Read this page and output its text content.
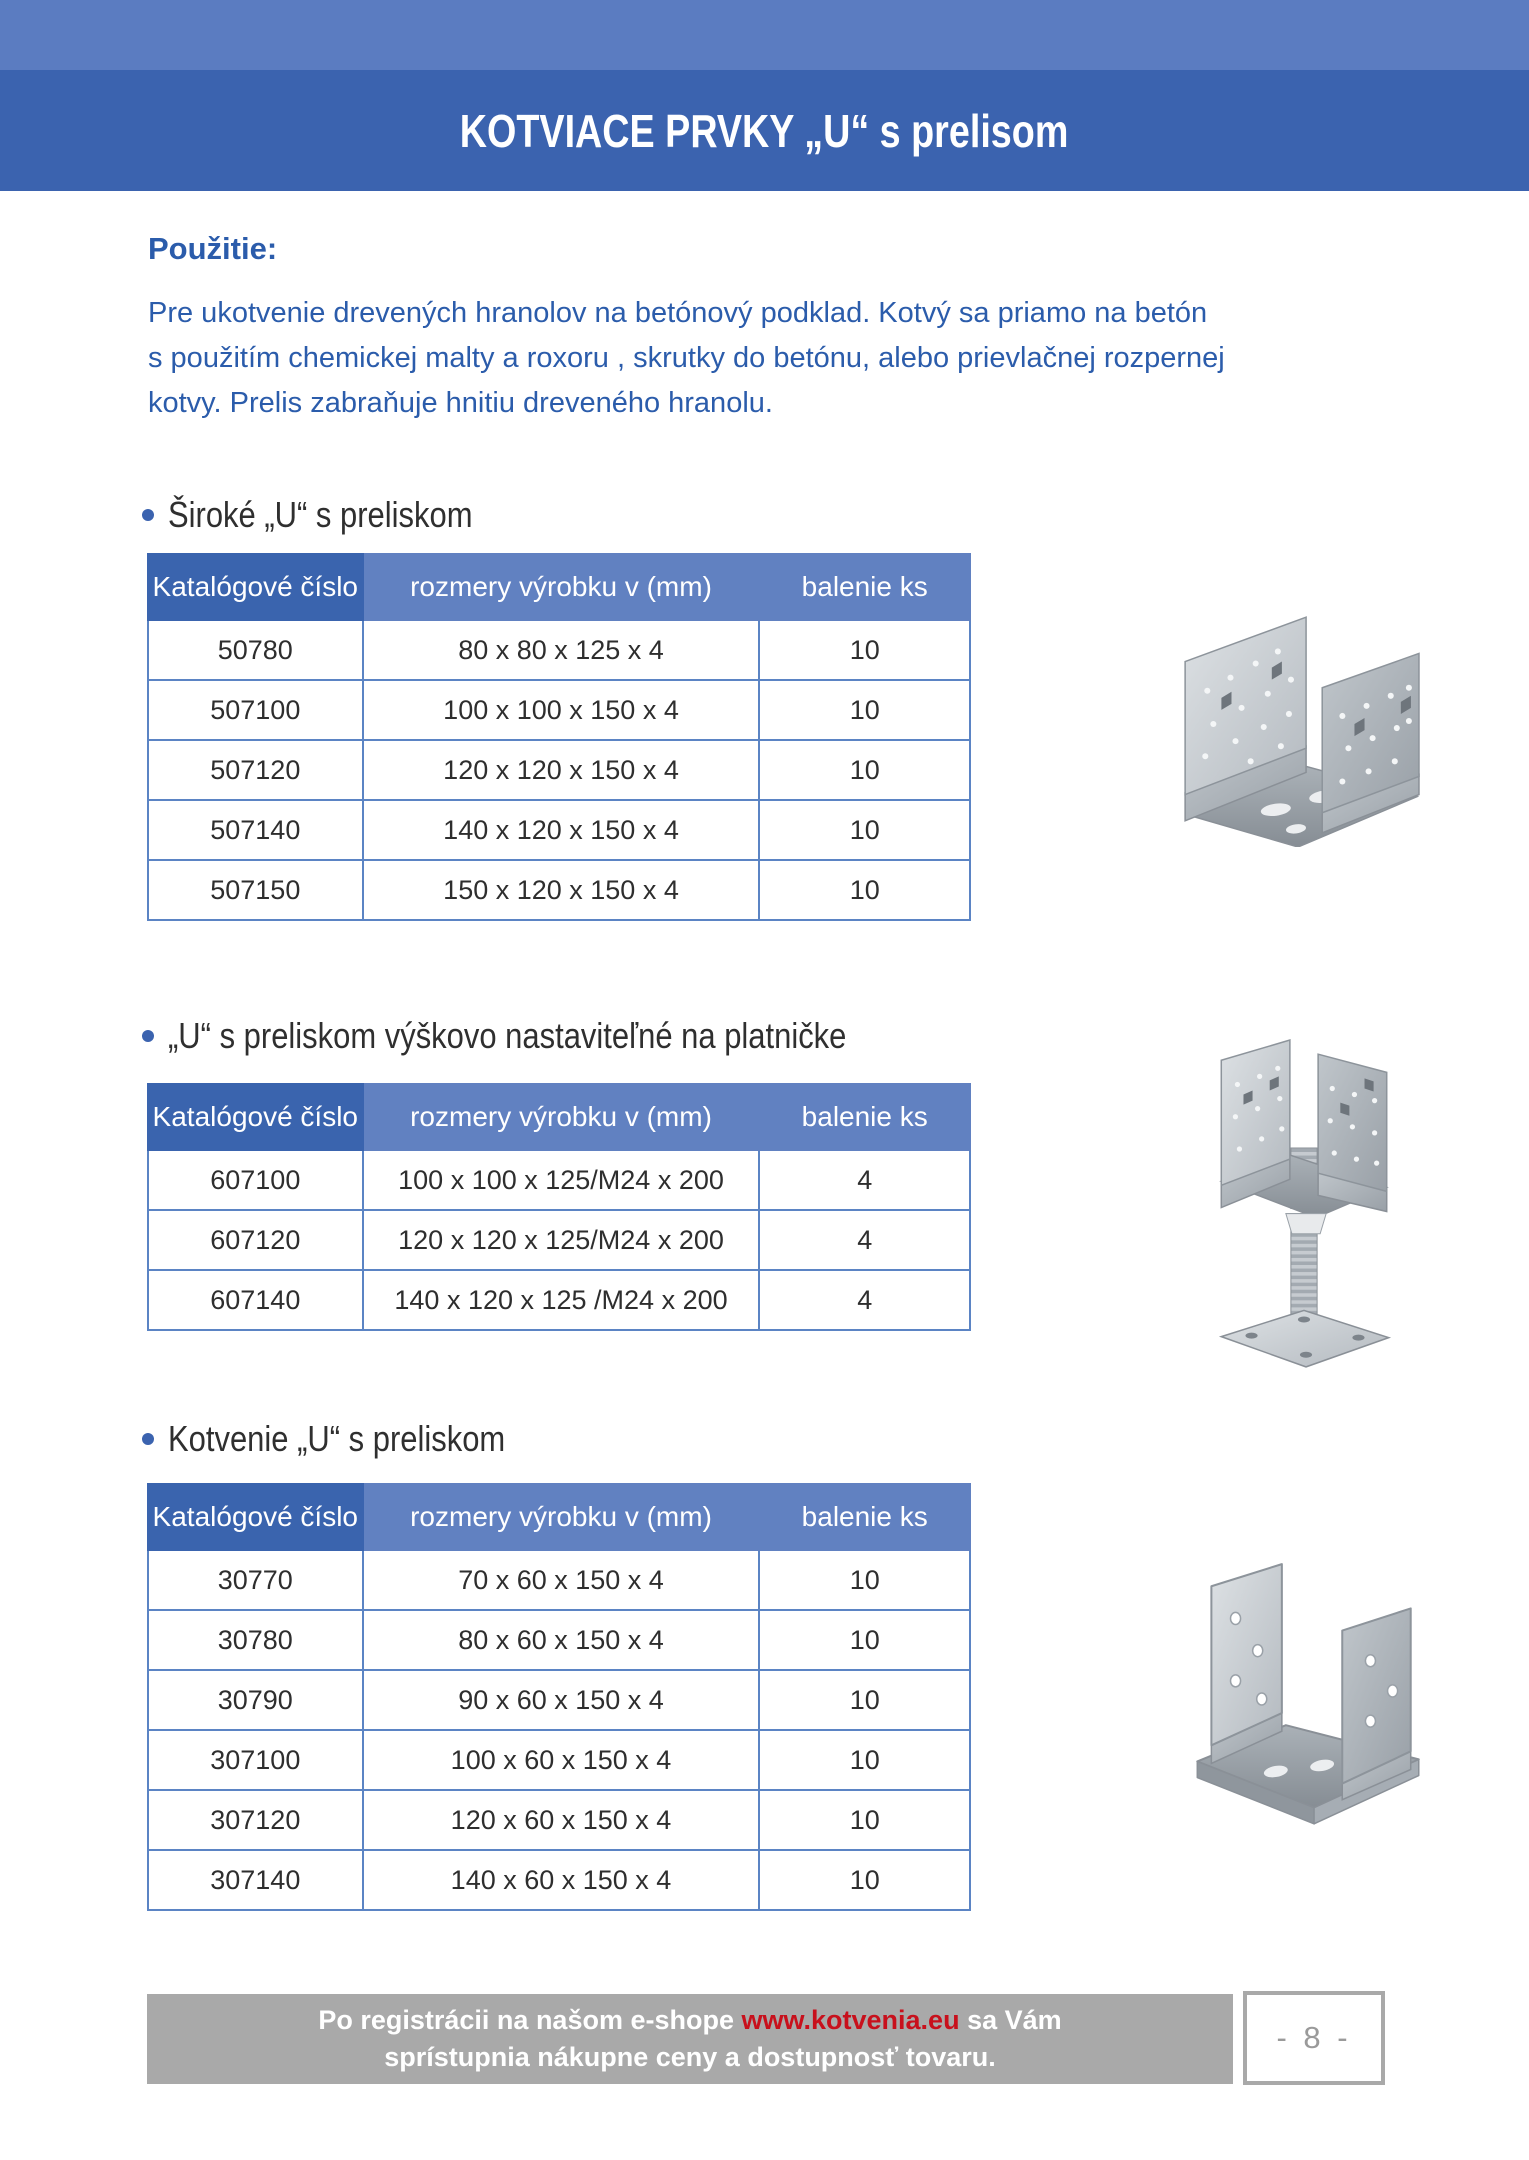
KOTVIACE PRVKY „U“ s prelisom
Použitie:
Pre ukotvenie drevených hranolov na betónový podklad. Kotvý sa priamo na betón
s použitím chemickej malty a roxoru , skrutky do betónu, alebo prievlačnej rozpernej
kotvy. Prelis zabraňuje hnitiu dreveného hranolu.
Široké „U“ s preliskom
Katalógové číslo	rozmery výrobku v (mm)	balenie ks
50780	80 x 80 x 125 x 4	10
507100	100 x 100 x 150 x 4	10
507120	120 x 120 x 150 x 4	10
507140	140 x 120 x 150 x 4	10
507150	150 x 120 x 150 x 4	10
„U“ s preliskom výškovo nastaviteľné na platničke
Katalógové číslo	rozmery výrobku v (mm)	balenie ks
607100	100 x 100 x 125/M24 x 200	4
607120	120 x 120 x 125/M24 x 200	4
607140	140 x 120 x 125 /M24 x 200	4
Kotvenie „U“ s preliskom
Katalógové číslo	rozmery výrobku v (mm)	balenie ks
30770	70 x 60 x 150 x 4	10
30780	80 x 60 x 150 x 4	10
30790	90 x 60 x 150 x 4	10
307100	100 x 60 x 150 x 4	10
307120	120 x 60 x 150 x 4	10
307140	140 x 60 x 150 x 4	10
Po registrácii na našom e-shope www.kotvenia.eu sa Vám
sprístupnia nákupne ceny a dostupnosť tovaru.
- 8 -
